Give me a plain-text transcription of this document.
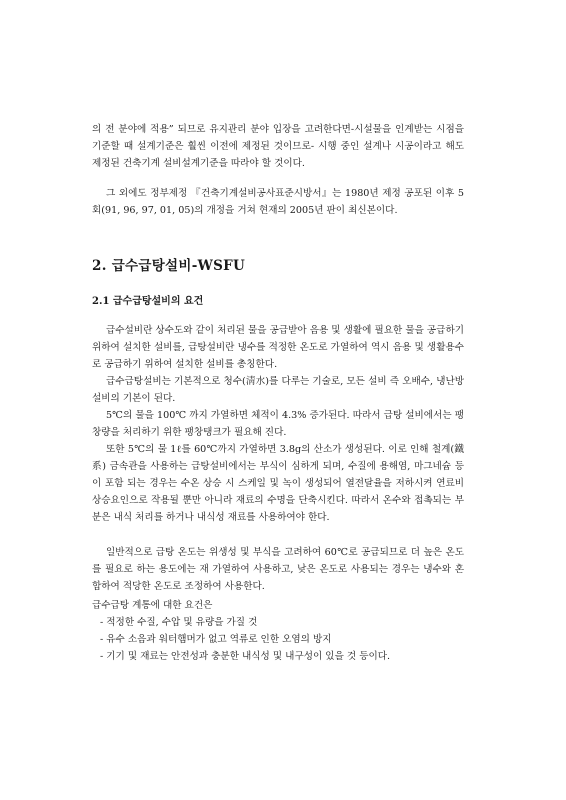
의 전 분야에 적용” 되므로 유지관리 분야 입장을 고려한다면-시설물을 인계받는 시점을 기준할 때 설계기준은 훨씬 이전에 제정된 것이므로- 시행 중인 설계나 시공이라고 해도 제정된 건축기계 설비설계기준을 따라야 할 것이다.

그 외에도 정부제정 『건축기계설비공사표준시방서』는 1980년 제정 공포된 이후 5회(91, 96, 97, 01, 05)의 개정을 거쳐 현재의 2005년 판이 최신본이다.

2. 급수급탕설비-WSFU
2.1 급수급탕설비의 요건

급수설비란 상수도와 같이 처리된 물을 공급받아 음용 및 생활에 필요한 물을 공급하기 위하여 설치한 설비를, 급탕설비란 냉수를 적정한 온도로 가열하여 역시 음용 및 생활용수로 공급하기 위하여 설치한 설비를 총칭한다.

급수급탕설비는 기본적으로 청수(淸水)를 다루는 기술로, 모든 설비 즉 오배수, 냉난방설비의 기본이 된다.

5℃의 물을 100℃ 까지 가열하면 체적이 4.3% 증가된다. 따라서 급탕 설비에서는 팽창량을 처리하기 위한 팽창탱크가 필요해 진다.

또한 5℃의 물 1ℓ를 60℃까지 가열하면 3.8g의 산소가 생성된다. 이로 인해 철계(鐵系) 금속관을 사용하는 급탕설비에서는 부식이 심하게 되며, 수질에 용해염, 마그네슘 등이 포함 되는 경우는 수온 상승 시 스케일 및 녹이 생성되어 열전달율을 저하시켜 연료비 상승요인으로 작용될 뿐만 아니라 재료의 수명을 단축시킨다. 따라서 온수와 접촉되는 부분은 내식 처리를 하거나 내식성 재료를 사용하여야 한다.

일반적으로 급탕 온도는 위생성 및 부식을 고려하여 60℃로 공급되므로 더 높은 온도를 필요로 하는 용도에는 재 가열하여 사용하고, 낮은 온도로 사용되는 경우는 냉수와 혼합하여 적당한 온도로 조정하여 사용한다.

급수급탕 계통에 대한 요건은

- 적정한 수질, 수압 및 유량을 가질 것
- 유수 소음과 워터햄머가 없고 역류로 인한 오염의 방지
- 기기 및 재료는 안전성과 충분한 내식성 및 내구성이 있을 것 등이다.
